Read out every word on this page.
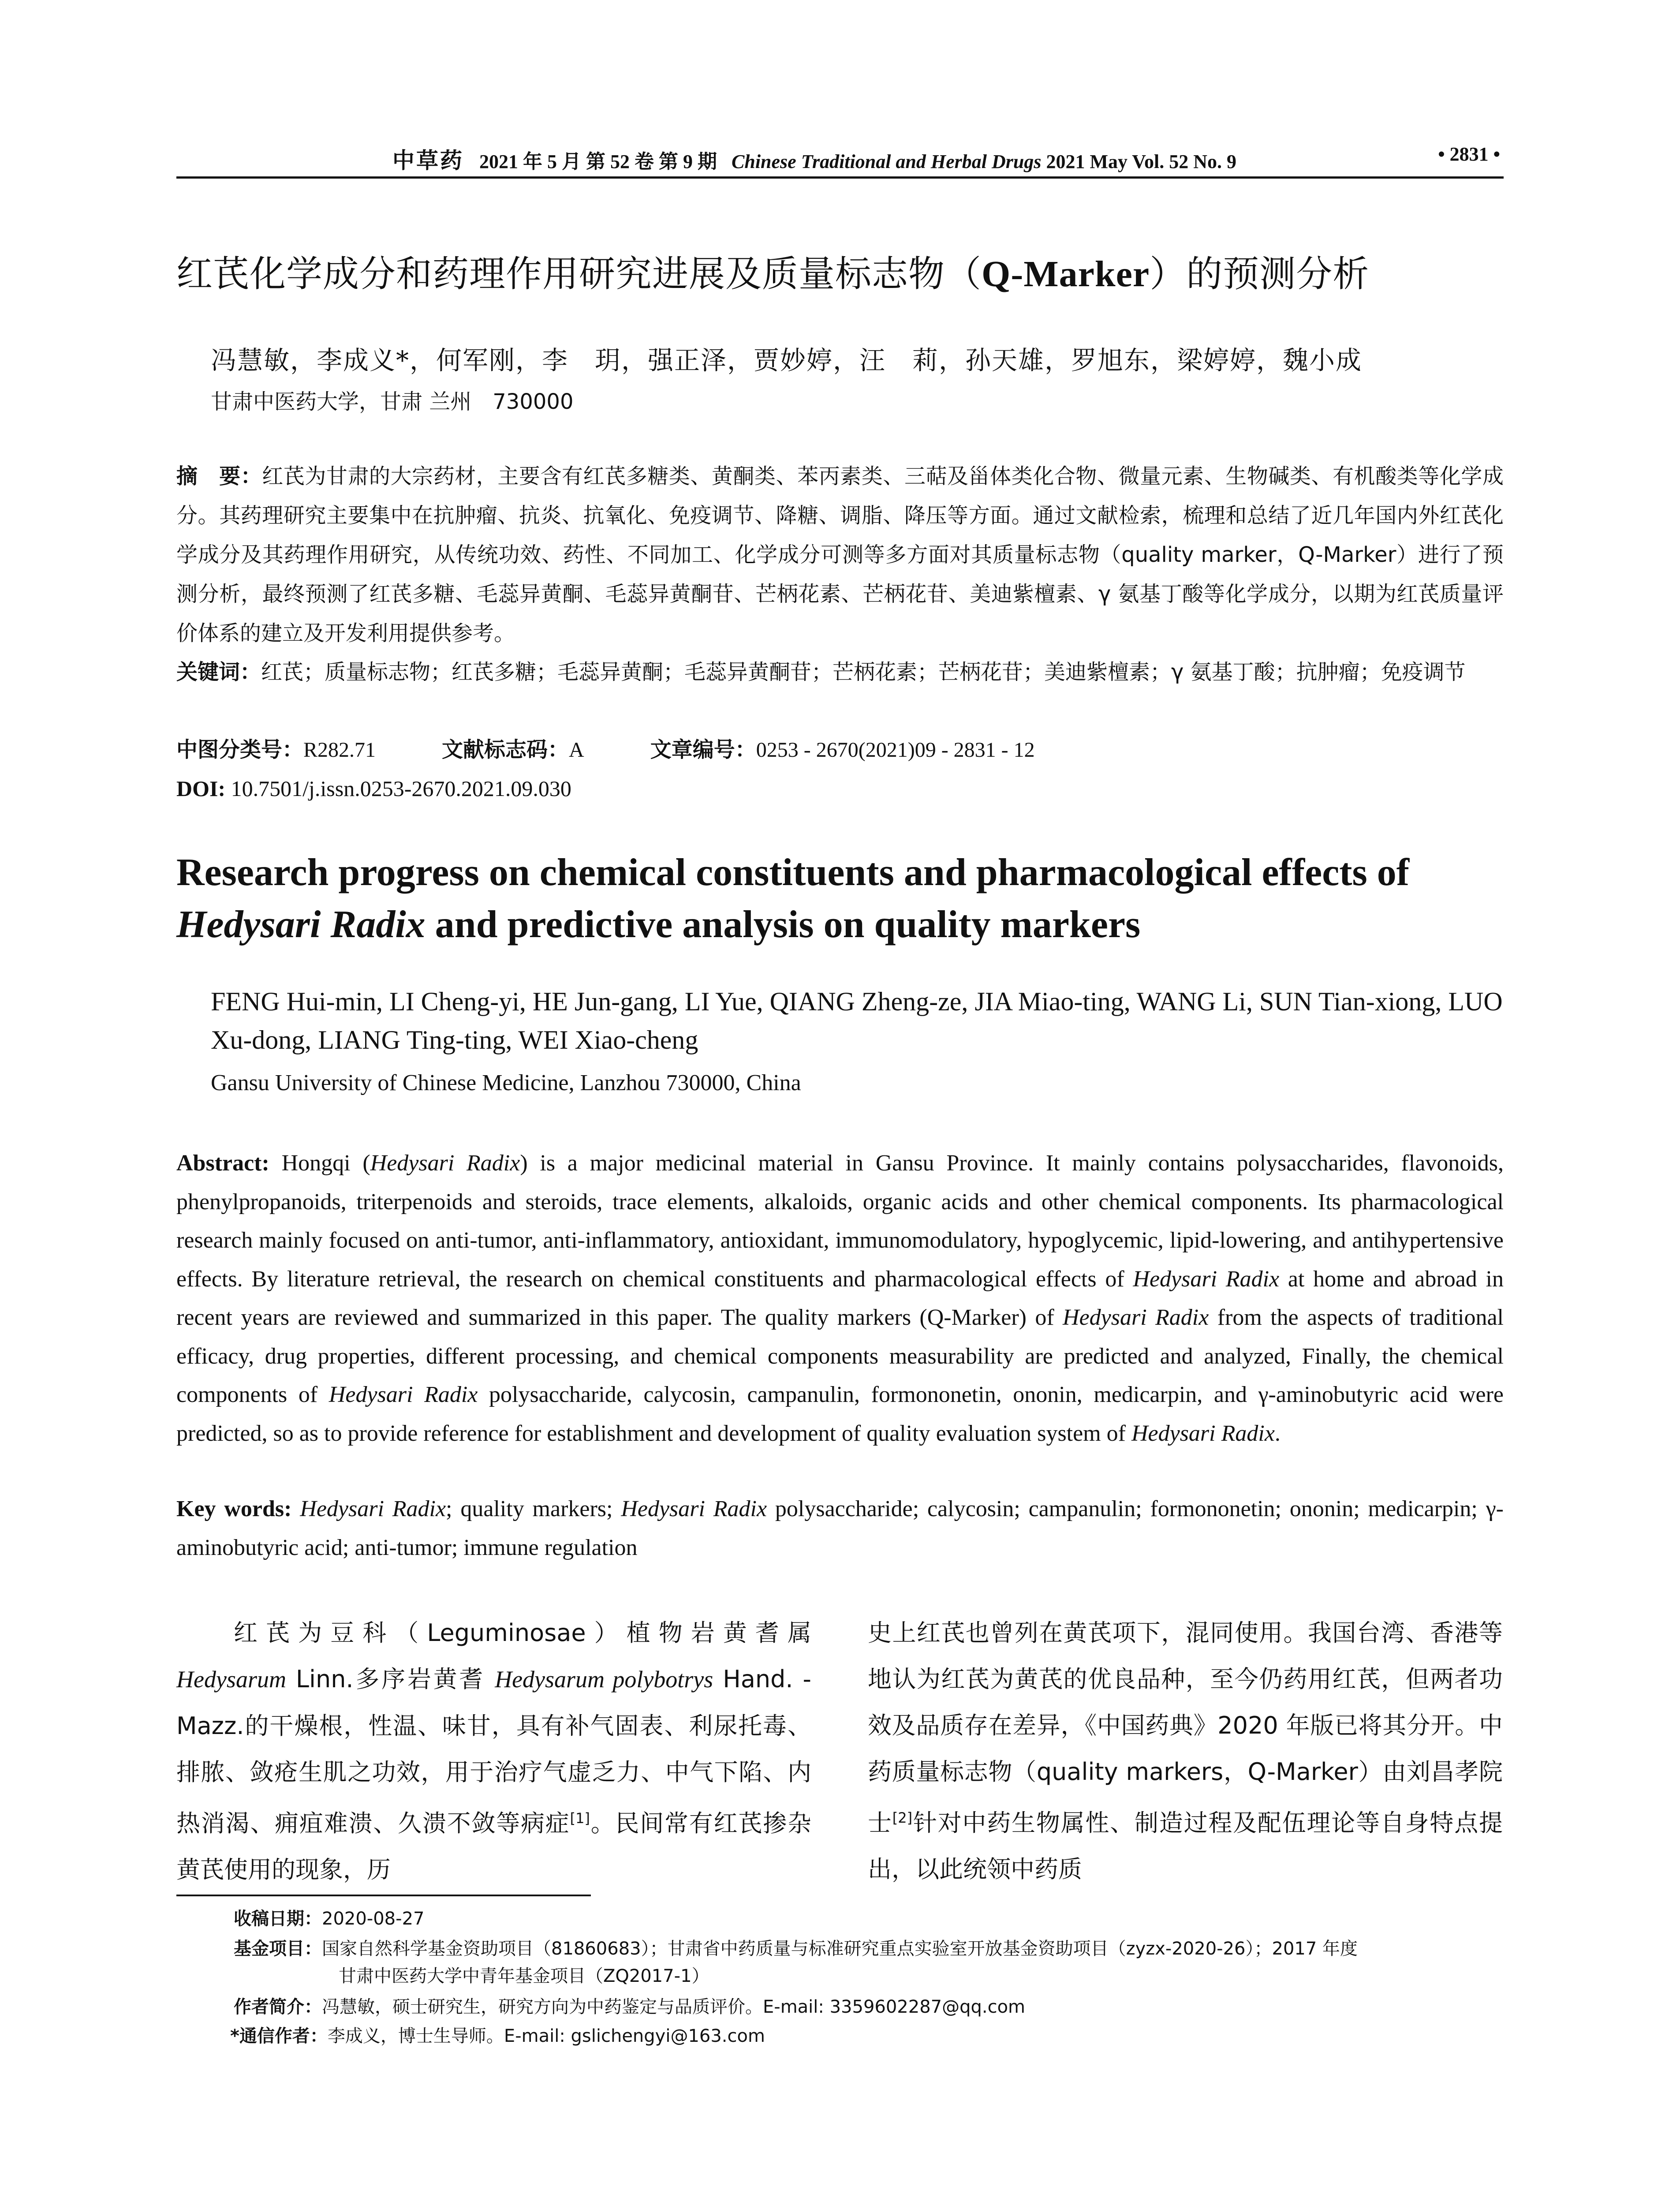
中草药 2021 年 5 月 第 52 卷 第 9 期 Chinese Traditional and Herbal Drugs 2021 May Vol. 52 No. 9	• 2831 •
红芪化学成分和药理作用研究进展及质量标志物（Q-Marker）的预测分析
冯慧敏，李成义*，何军刚，李　玥，强正泽，贾妙婷，汪　莉，孙天雄，罗旭东，梁婷婷，魏小成
甘肃中医药大学，甘肃 兰州　730000
摘　要：红芪为甘肃的大宗药材，主要含有红芪多糖类、黄酮类、苯丙素类、三萜及甾体类化合物、微量元素、生物碱类、有机酸类等化学成分。其药理研究主要集中在抗肿瘤、抗炎、抗氧化、免疫调节、降糖、调脂、降压等方面。通过文献检索，梳理和总结了近几年国内外红芪化学成分及其药理作用研究，从传统功效、药性、不同加工、化学成分可测等多方面对其质量标志物（quality marker，Q-Marker）进行了预测分析，最终预测了红芪多糖、毛蕊异黄酮、毛蕊异黄酮苷、芒柄花素、芒柄花苷、美迪紫檀素、γ 氨基丁酸等化学成分，以期为红芪质量评价体系的建立及开发利用提供参考。
关键词：红芪；质量标志物；红芪多糖；毛蕊异黄酮；毛蕊异黄酮苷；芒柄花素；芒柄花苷；美迪紫檀素；γ 氨基丁酸；抗肿瘤；免疫调节
中图分类号：R282.71	文献标志码：A	文章编号：0253 - 2670(2021)09 - 2831 - 12
DOI: 10.7501/j.issn.0253-2670.2021.09.030
Research progress on chemical constituents and pharmacological effects of Hedysari Radix and predictive analysis on quality markers
FENG Hui-min, LI Cheng-yi, HE Jun-gang, LI Yue, QIANG Zheng-ze, JIA Miao-ting, WANG Li, SUN Tian-xiong, LUO Xu-dong, LIANG Ting-ting, WEI Xiao-cheng
Gansu University of Chinese Medicine, Lanzhou 730000, China
Abstract: Hongqi (Hedysari Radix) is a major medicinal material in Gansu Province. It mainly contains polysaccharides, flavonoids, phenylpropanoids, triterpenoids and steroids, trace elements, alkaloids, organic acids and other chemical components. Its pharmacological research mainly focused on anti-tumor, anti-inflammatory, antioxidant, immunomodulatory, hypoglycemic, lipid-lowering, and antihypertensive effects. By literature retrieval, the research on chemical constituents and pharmacological effects of Hedysari Radix at home and abroad in recent years are reviewed and summarized in this paper. The quality markers (Q-Marker) of Hedysari Radix from the aspects of traditional efficacy, drug properties, different processing, and chemical components measurability are predicted and analyzed, Finally, the chemical components of Hedysari Radix polysaccharide, calycosin, campanulin, formononetin, ononin, medicarpin, and γ-aminobutyric acid were predicted, so as to provide reference for establishment and development of quality evaluation system of Hedysari Radix.
Key words: Hedysari Radix; quality markers; Hedysari Radix polysaccharide; calycosin; campanulin; formononetin; ononin; medicarpin; γ-aminobutyric acid; anti-tumor; immune regulation
红芪为豆科（Leguminosae）植物岩黄耆属 Hedysarum Linn.多序岩黄耆 Hedysarum polybotrys Hand. -Mazz.的干燥根，性温、味甘，具有补气固表、利尿托毒、排脓、敛疮生肌之功效，用于治疗气虚乏力、中气下陷、内热消渴、痈疽难溃、久溃不敛等病症[1]。民间常有红芪掺杂黄芪使用的现象，历
史上红芪也曾列在黄芪项下，混同使用。我国台湾、香港等地认为红芪为黄芪的优良品种，至今仍药用红芪，但两者功效及品质存在差异，《中国药典》2020 年版已将其分开。中药质量标志物（quality markers，Q-Marker）由刘昌孝院士[2]针对中药生物属性、制造过程及配伍理论等自身特点提出，以此统领中药质
收稿日期：2020-08-27
基金项目：国家自然科学基金资助项目（81860683）；甘肃省中药质量与标准研究重点实验室开放基金资助项目（zyzx-2020-26）；2017 年度
甘肃中医药大学中青年基金项目（ZQ2017-1）
作者简介：冯慧敏，硕士研究生，研究方向为中药鉴定与品质评价。E-mail: 3359602287@qq.com
*通信作者：李成义，博士生导师。E-mail: gslichengyi@163.com
